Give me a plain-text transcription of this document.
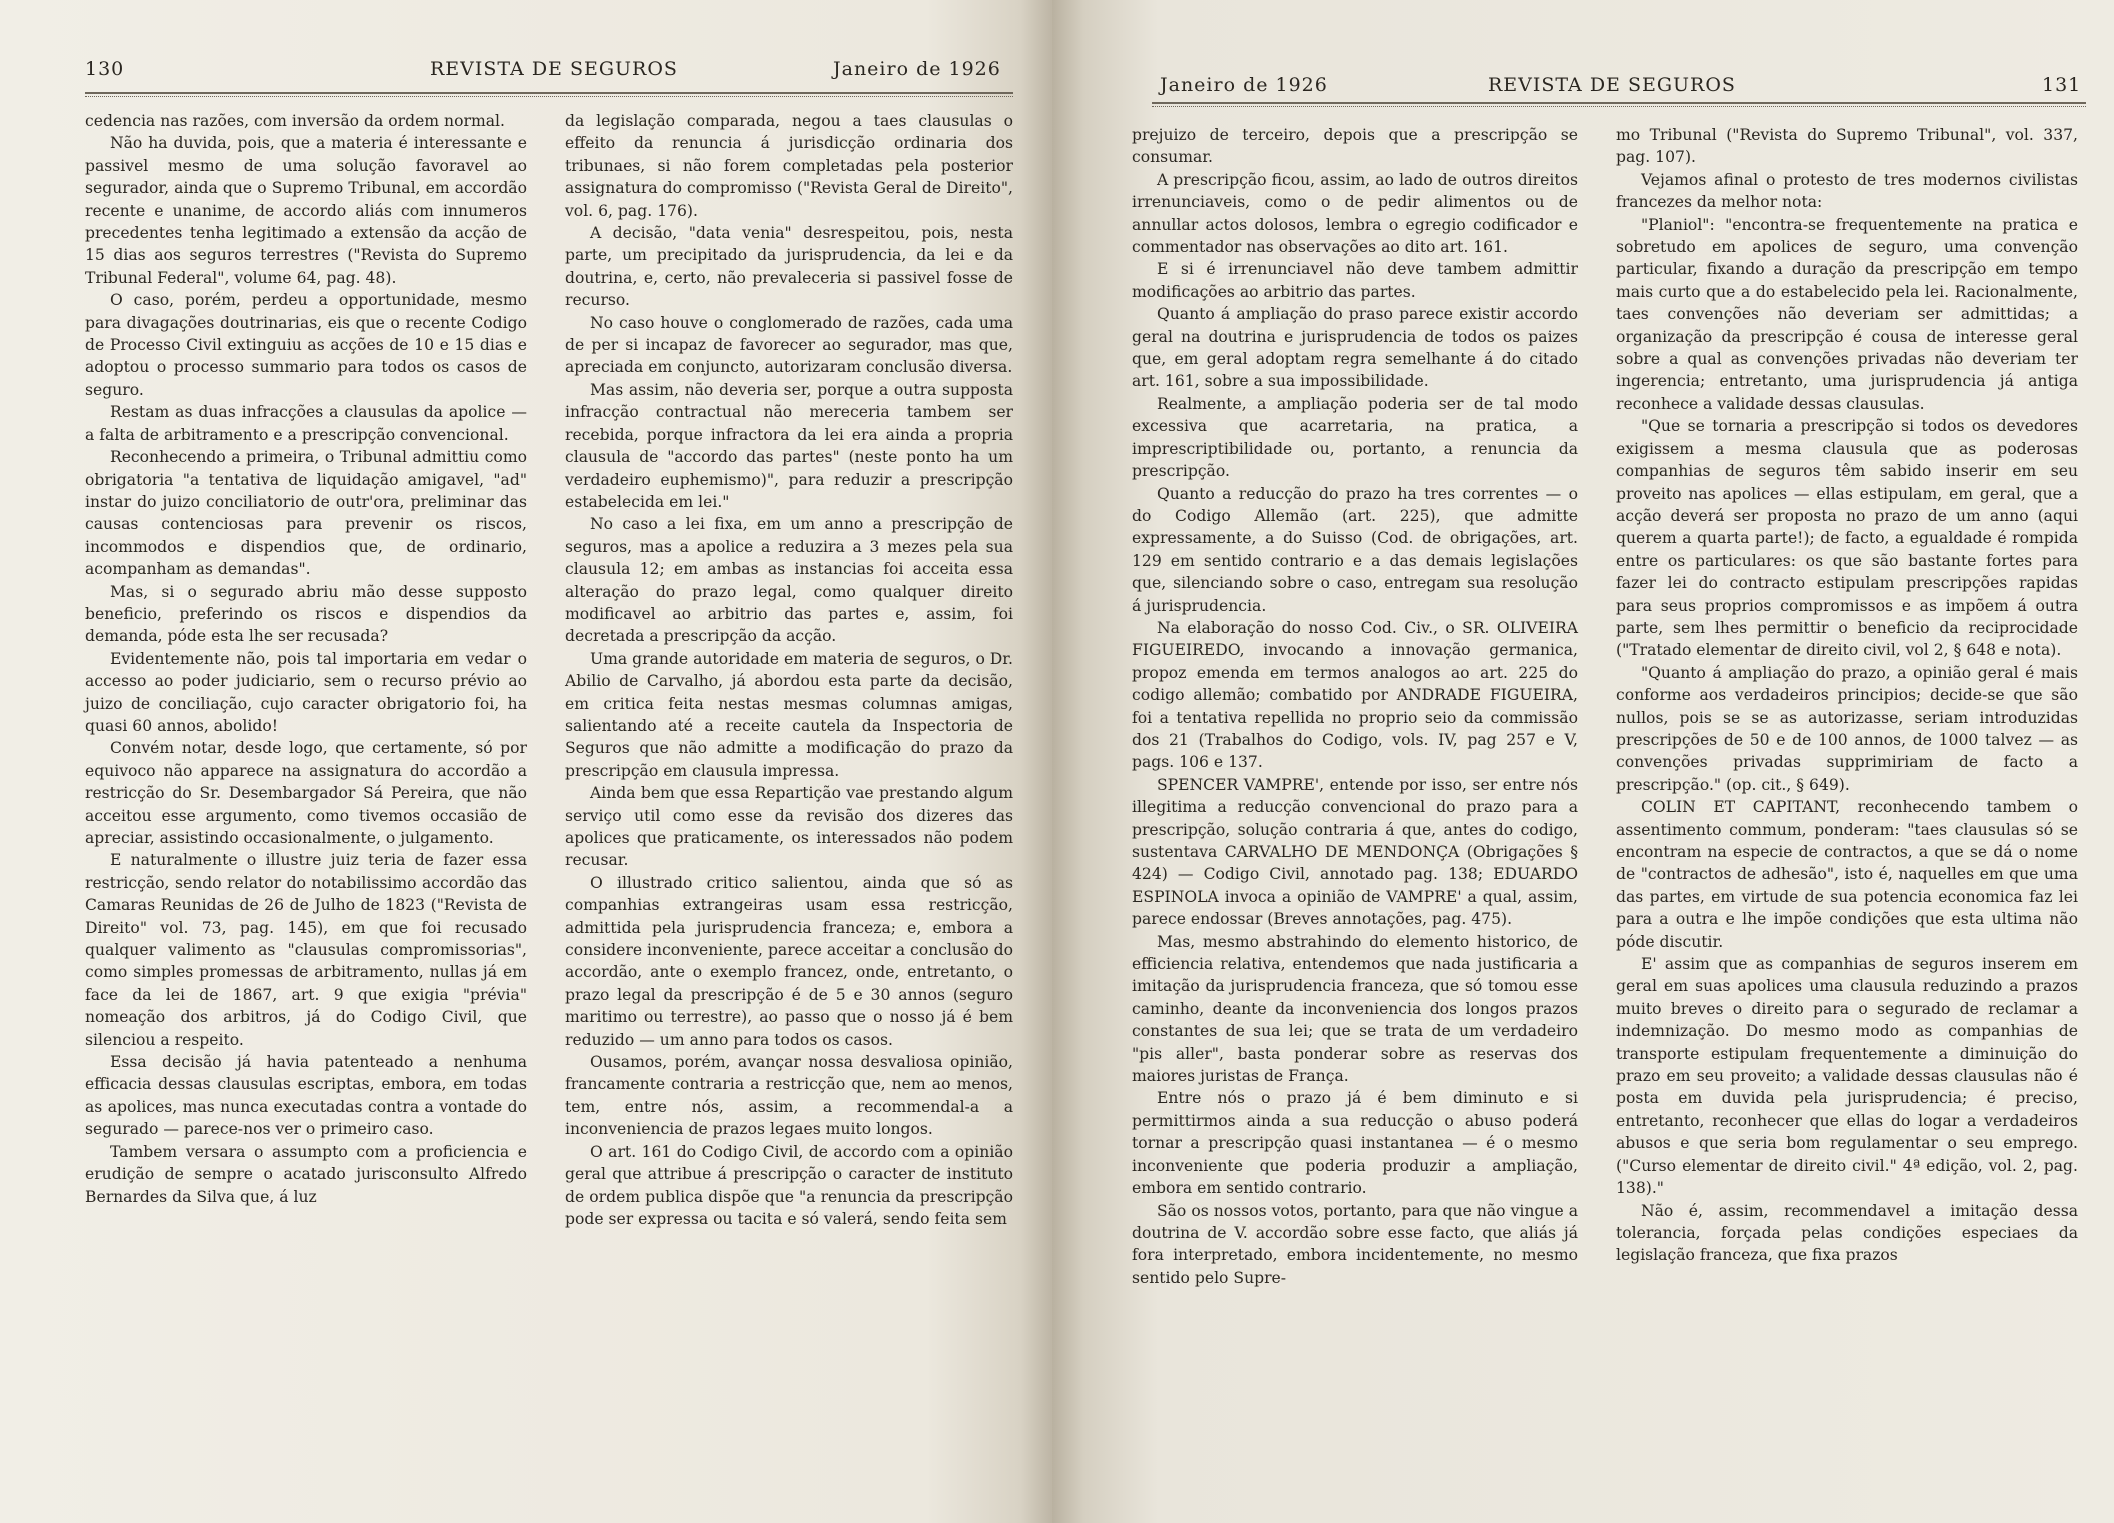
130	REVISTA DE SEGUROS	Janeiro de 1926

cedencia nas razões, com inversão da ordem normal.

Não ha duvida, pois, que a materia é interessante e passivel mesmo de uma solução favoravel ao segurador, ainda que o Supremo Tribunal, em accordão recente e unanime, de accordo aliás com innumeros precedentes tenha legitimado a extensão da acção de 15 dias aos seguros terrestres ("Revista do Supremo Tribunal Federal", volume 64, pag. 48).

O caso, porém, perdeu a opportunidade, mesmo para divagações doutrinarias, eis que o recente Codigo de Processo Civil extinguiu as acções de 10 e 15 dias e adoptou o processo summario para todos os casos de seguro.

Restam as duas infracções a clausulas da apolice — a falta de arbitramento e a prescripção convencional.

Reconhecendo a primeira, o Tribunal admittiu como obrigatoria "a tentativa de liquidação amigavel, "ad" instar do juizo conciliatorio de outr'ora, preliminar das causas contenciosas para prevenir os riscos, incommodos e dispendios que, de ordinario, acompanham as demandas".

Mas, si o segurado abriu mão desse supposto beneficio, preferindo os riscos e dispendios da demanda, póde esta lhe ser recusada?

Evidentemente não, pois tal importaria em vedar o accesso ao poder judiciario, sem o recurso prévio ao juizo de conciliação, cujo caracter obrigatorio foi, ha quasi 60 annos, abolido!

Convém notar, desde logo, que certamente, só por equivoco não apparece na assignatura do accordão a restricção do Sr. Desembargador Sá Pereira, que não acceitou esse argumento, como tivemos occasião de apreciar, assistindo occasionalmente, o julgamento.

E naturalmente o illustre juiz teria de fazer essa restricção, sendo relator do notabilissimo accordão das Camaras Reunidas de 26 de Julho de 1823 ("Revista de Direito" vol. 73, pag. 145), em que foi recusado qualquer valimento as "clausulas compromissorias", como simples promessas de arbitramento, nullas já em face da lei de 1867, art. 9 que exigia "prévia" nomeação dos arbitros, já do Codigo Civil, que silenciou a respeito.

Essa decisão já havia patenteado a nenhuma efficacia dessas clausulas escriptas, embora, em todas as apolices, mas nunca executadas contra a vontade do segurado — parece-nos ver o primeiro caso.

Tambem versara o assumpto com a proficiencia e erudição de sempre o acatado jurisconsulto Alfredo Bernardes da Silva que, á luz

da legislação comparada, negou a taes clausulas o effeito da renuncia á jurisdicção ordinaria dos tribunaes, si não forem completadas pela posterior assignatura do compromisso ("Revista Geral de Direito", vol. 6, pag. 176).

A decisão, "data venia" desrespeitou, pois, nesta parte, um precipitado da jurisprudencia, da lei e da doutrina, e, certo, não prevaleceria si passivel fosse de recurso.

No caso houve o conglomerado de razões, cada uma de per si incapaz de favorecer ao segurador, mas que, apreciada em conjuncto, autorizaram conclusão diversa.

Mas assim, não deveria ser, porque a outra supposta infracção contractual não mereceria tambem ser recebida, porque infractora da lei era ainda a propria clausula de "accordo das partes" (neste ponto ha um verdadeiro euphemismo)", para reduzir a prescripção estabelecida em lei."

No caso a lei fixa, em um anno a prescripção de seguros, mas a apolice a reduzira a 3 mezes pela sua clausula 12; em ambas as instancias foi acceita essa alteração do prazo legal, como qualquer direito modificavel ao arbitrio das partes e, assim, foi decretada a prescripção da acção.

Uma grande autoridade em materia de seguros, o Dr. Abilio de Carvalho, já abordou esta parte da decisão, em critica feita nestas mesmas columnas amigas, salientando até a receite cautela da Inspectoria de Seguros que não admitte a modificação do prazo da prescripção em clausula impressa.

Ainda bem que essa Repartição vae prestando algum serviço util como esse da revisão dos dizeres das apolices que praticamente, os interessados não podem recusar.

O illustrado critico salientou, ainda que só as companhias extrangeiras usam essa restricção, admittida pela jurisprudencia franceza; e, embora a considere inconveniente, parece acceitar a conclusão do accordão, ante o exemplo francez, onde, entretanto, o prazo legal da prescripção é de 5 e 30 annos (seguro maritimo ou terrestre), ao passo que o nosso já é bem reduzido — um anno para todos os casos.

Ousamos, porém, avançar nossa desvaliosa opinião, francamente contraria a restricção que, nem ao menos, tem, entre nós, assim, a recommendal-a a inconveniencia de prazos legaes muito longos.

O art. 161 do Codigo Civil, de accordo com a opinião geral que attribue á prescripção o caracter de instituto de ordem publica dispõe que "a renuncia da prescripção pode ser expressa ou tacita e só valerá, sendo feita sem

Janeiro de 1926	REVISTA DE SEGUROS	131

prejuizo de terceiro, depois que a prescripção se consumar.

A prescripção ficou, assim, ao lado de outros direitos irrenunciaveis, como o de pedir alimentos ou de annullar actos dolosos, lembra o egregio codificador e commentador nas observações ao dito art. 161.

E si é irrenunciavel não deve tambem admittir modificações ao arbitrio das partes.

Quanto á ampliação do praso parece existir accordo geral na doutrina e jurisprudencia de todos os paizes que, em geral adoptam regra semelhante á do citado art. 161, sobre a sua impossibilidade.

Realmente, a ampliação poderia ser de tal modo excessiva que acarretaria, na pratica, a imprescriptibilidade ou, portanto, a renuncia da prescripção.

Quanto a reducção do prazo ha tres correntes — o do Codigo Allemão (art. 225), que admitte expressamente, a do Suisso (Cod. de obrigações, art. 129 em sentido contrario e a das demais legislações que, silenciando sobre o caso, entregam sua resolução á jurisprudencia.

Na elaboração do nosso Cod. Civ., o SR. OLIVEIRA FIGUEIREDO, invocando a innovação germanica, propoz emenda em termos analogos ao art. 225 do codigo allemão; combatido por ANDRADE FIGUEIRA, foi a tentativa repellida no proprio seio da commissão dos 21 (Trabalhos do Codigo, vols. IV, pag 257 e V, pags. 106 e 137.

SPENCER VAMPRE', entende por isso, ser entre nós illegitima a reducção convencional do prazo para a prescripção, solução contraria á que, antes do codigo, sustentava CARVALHO DE MENDONÇA (Obrigações § 424) — Codigo Civil, annotado pag. 138; EDUARDO ESPINOLA invoca a opinião de VAMPRE' a qual, assim, parece endossar (Breves annotações, pag. 475).

Mas, mesmo abstrahindo do elemento historico, de efficiencia relativa, entendemos que nada justificaria a imitação da jurisprudencia franceza, que só tomou esse caminho, deante da inconveniencia dos longos prazos constantes de sua lei; que se trata de um verdadeiro "pis aller", basta ponderar sobre as reservas dos maiores juristas de França.

Entre nós o prazo já é bem diminuto e si permittirmos ainda a sua reducção o abuso poderá tornar a prescripção quasi instantanea — é o mesmo inconveniente que poderia produzir a ampliação, embora em sentido contrario.

São os nossos votos, portanto, para que não vingue a doutrina de V. accordão sobre esse facto, que aliás já fora interpretado, embora incidentemente, no mesmo sentido pelo Supre-

mo Tribunal ("Revista do Supremo Tribunal", vol. 337, pag. 107).

Vejamos afinal o protesto de tres modernos civilistas francezes da melhor nota:

"Planiol": "encontra-se frequentemente na pratica e sobretudo em apolices de seguro, uma convenção particular, fixando a duração da prescripção em tempo mais curto que a do estabelecido pela lei. Racionalmente, taes convenções não deveriam ser admittidas; a organização da prescripção é cousa de interesse geral sobre a qual as convenções privadas não deveriam ter ingerencia; entretanto, uma jurisprudencia já antiga reconhece a validade dessas clausulas.

"Que se tornaria a prescripção si todos os devedores exigissem a mesma clausula que as poderosas companhias de seguros têm sabido inserir em seu proveito nas apolices — ellas estipulam, em geral, que a acção deverá ser proposta no prazo de um anno (aqui querem a quarta parte!); de facto, a egualdade é rompida entre os particulares: os que são bastante fortes para fazer lei do contracto estipulam prescripções rapidas para seus proprios compromissos e as impõem á outra parte, sem lhes permittir o beneficio da reciprocidade ("Tratado elementar de direito civil, vol 2, § 648 e nota).

"Quanto á ampliação do prazo, a opinião geral é mais conforme aos verdadeiros principios; decide-se que são nullos, pois se se as autorizasse, seriam introduzidas prescripções de 50 e de 100 annos, de 1000 talvez — as convenções privadas supprimiriam de facto a prescripção." (op. cit., § 649).

COLIN ET CAPITANT, reconhecendo tambem o assentimento commum, ponderam: "taes clausulas só se encontram na especie de contractos, a que se dá o nome de "contractos de adhesão", isto é, naquelles em que uma das partes, em virtude de sua potencia economica faz lei para a outra e lhe impõe condições que esta ultima não póde discutir.

E' assim que as companhias de seguros inserem em geral em suas apolices uma clausula reduzindo a prazos muito breves o direito para o segurado de reclamar a indemnização. Do mesmo modo as companhias de transporte estipulam frequentemente a diminuição do prazo em seu proveito; a validade dessas clausulas não é posta em duvida pela jurisprudencia; é preciso, entretanto, reconhecer que ellas do logar a verdadeiros abusos e que seria bom regulamentar o seu emprego. ("Curso elementar de direito civil." 4ª edição, vol. 2, pag. 138)."

Não é, assim, recommendavel a imitação dessa tolerancia, forçada pelas condições especiaes da legislação franceza, que fixa prazos
